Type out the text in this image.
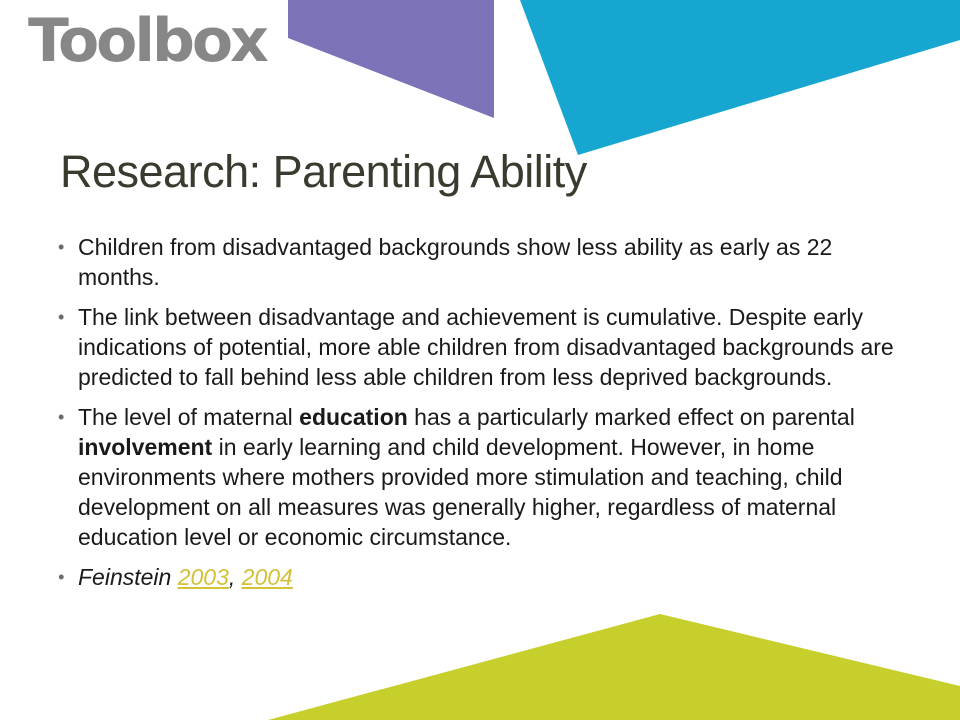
Toolbox
Research: Parenting Ability

• Children from disadvantaged backgrounds show less ability as early as 22 months.

• The link between disadvantage and achievement is cumulative. Despite early indications of potential, more able children from disadvantaged backgrounds are predicted to fall behind less able children from less deprived backgrounds.

• The level of maternal education has a particularly marked effect on parental involvement in early learning and child development. However, in home environments where mothers provided more stimulation and teaching, child development on all measures was generally higher, regardless of maternal education level or economic circumstance.

• Feinstein 2003, 2004
